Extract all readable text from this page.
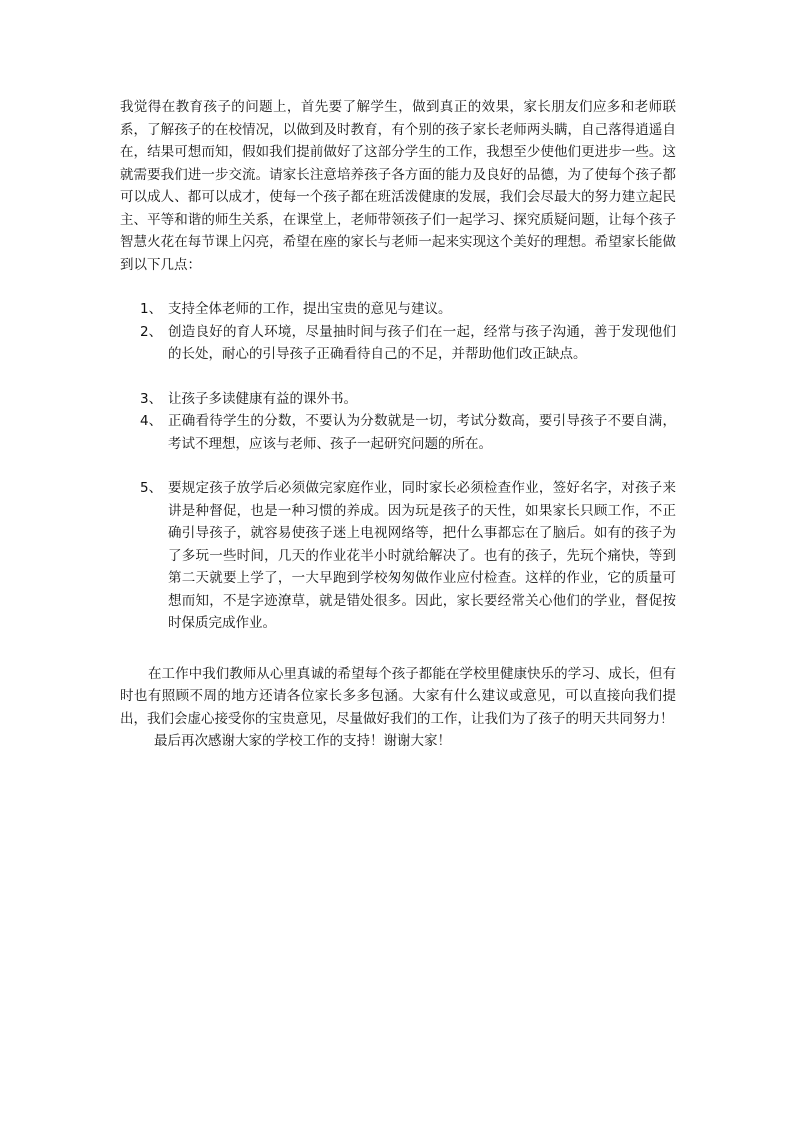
我觉得在教育孩子的问题上，首先要了解学生，做到真正的效果，家长朋友们应多和老师联系，了解孩子的在校情况，以做到及时教育，有个别的孩子家长老师两头瞒，自己落得逍遥自在，结果可想而知，假如我们提前做好了这部分学生的工作，我想至少使他们更进步一些。这就需要我们进一步交流。请家长注意培养孩子各方面的能力及良好的品德，为了使每个孩子都可以成人、都可以成才，使每一个孩子都在班活泼健康的发展，我们会尽最大的努力建立起民主、平等和谐的师生关系，在课堂上，老师带领孩子们一起学习、探究质疑问题，让每个孩子智慧火花在每节课上闪亮，希望在座的家长与老师一起来实现这个美好的理想。希望家长能做到以下几点：

1、 支持全体老师的工作，提出宝贵的意见与建议。
2、 创造良好的育人环境，尽量抽时间与孩子们在一起，经常与孩子沟通，善于发现他们的长处，耐心的引导孩子正确看待自己的不足，并帮助他们改正缺点。
3、 让孩子多读健康有益的课外书。
4、 正确看待学生的分数，不要认为分数就是一切，考试分数高，要引导孩子不要自满，考试不理想，应该与老师、孩子一起研究问题的所在。
5、 要规定孩子放学后必须做完家庭作业，同时家长必须检查作业，签好名字，对孩子来讲是种督促，也是一种习惯的养成。因为玩是孩子的天性，如果家长只顾工作，不正确引导孩子，就容易使孩子迷上电视网络等，把什么事都忘在了脑后。如有的孩子为了多玩一些时间，几天的作业花半小时就给解决了。也有的孩子，先玩个痛快，等到第二天就要上学了，一大早跑到学校匆匆做作业应付检查。这样的作业，它的质量可想而知，不是字迹潦草，就是错处很多。因此，家长要经常关心他们的学业，督促按时保质完成作业。

在工作中我们教师从心里真诚的希望每个孩子都能在学校里健康快乐的学习、成长，但有时也有照顾不周的地方还请各位家长多多包涵。大家有什么建议或意见，可以直接向我们提出，我们会虚心接受你的宝贵意见，尽量做好我们的工作，让我们为了孩子的明天共同努力！

最后再次感谢大家的学校工作的支持！谢谢大家！
